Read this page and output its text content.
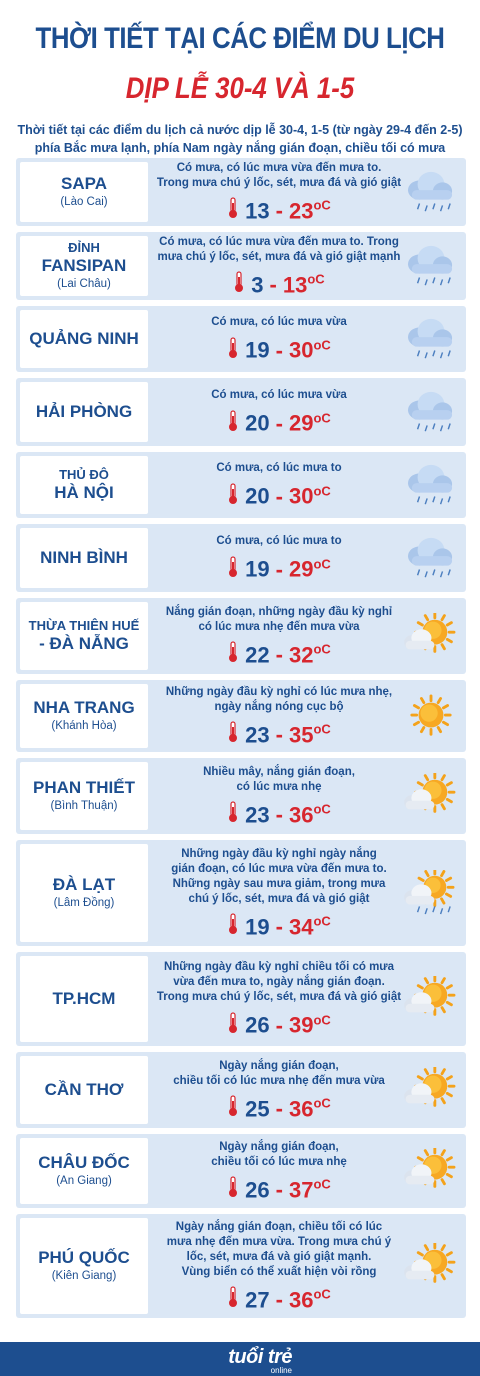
THỜI TIẾT TẠI CÁC ĐIỂM DU LỊCH
DỊP LỄ 30-4 VÀ 1-5
Thời tiết tại các điểm du lịch cả nước dịp lễ 30-4, 1-5 (từ ngày 29-4 đến 2-5)
phía Bắc mưa lạnh, phía Nam ngày nắng gián đoạn, chiều tối có mưa
SAPA
(Lào Cai)
Có mưa, có lúc mưa vừa đến mưa to.
Trong mưa chú ý lốc, sét, mưa đá và gió giật
$13 - 23^{oC}$
ĐỈNH
FANSIPAN
(Lai Châu)
Có mưa, có lúc mưa vừa đến mưa to. Trong
mưa chú ý lốc, sét, mưa đá và gió giật mạnh
$3 - 13^{oC}$
QUẢNG NINH
Có mưa, có lúc mưa vừa
$19 - 30^{oC}$
HẢI PHÒNG
Có mưa, có lúc mưa vừa
$20 - 29^{oC}$
THỦ ĐÔ
HÀ NỘI
Có mưa, có lúc mưa to
$20 - 30^{oC}$
NINH BÌNH
Có mưa, có lúc mưa to
$19 - 29^{oC}$
THỪA THIÊN HUẾ
- ĐÀ NẴNG
Nắng gián đoạn, những ngày đầu kỳ nghỉ
có lúc mưa nhẹ đến mưa vừa
$22 - 32^{oC}$
NHA TRANG
(Khánh Hòa)
Những ngày đầu kỳ nghỉ có lúc mưa nhẹ,
ngày nắng nóng cục bộ
$23 - 35^{oC}$
PHAN THIẾT
(Bình Thuận)
Nhiều mây, nắng gián đoạn,
có lúc mưa nhẹ
$23 - 36^{oC}$
ĐÀ LẠT
(Lâm Đồng)
Những ngày đầu kỳ nghỉ ngày nắng
gián đoạn, có lúc mưa vừa đến mưa to.
Những ngày sau mưa giảm, trong mưa
chú ý lốc, sét, mưa đá và gió giật
$19 - 34^{oC}$
TP.HCM
Những ngày đầu kỳ nghỉ chiều tối có mưa
vừa đến mưa to, ngày nắng gián đoạn.
Trong mưa chú ý lốc, sét, mưa đá và gió giật
$26 - 39^{oC}$
CẦN THƠ
Ngày nắng gián đoạn,
chiều tối có lúc mưa nhẹ đến mưa vừa
$25 - 36^{oC}$
CHÂU ĐỐC
(An Giang)
Ngày nắng gián đoạn,
chiều tối có lúc mưa nhẹ
$26 - 37^{oC}$
PHÚ QUỐC
(Kiên Giang)
Ngày nắng gián đoạn, chiều tối có lúc
mưa nhẹ đến mưa vừa. Trong mưa chú ý
lốc, sét, mưa đá và gió giật mạnh.
Vùng biển có thể xuất hiện vòi rồng
$27 - 36^{oC}$
tuổi trẻ
online
